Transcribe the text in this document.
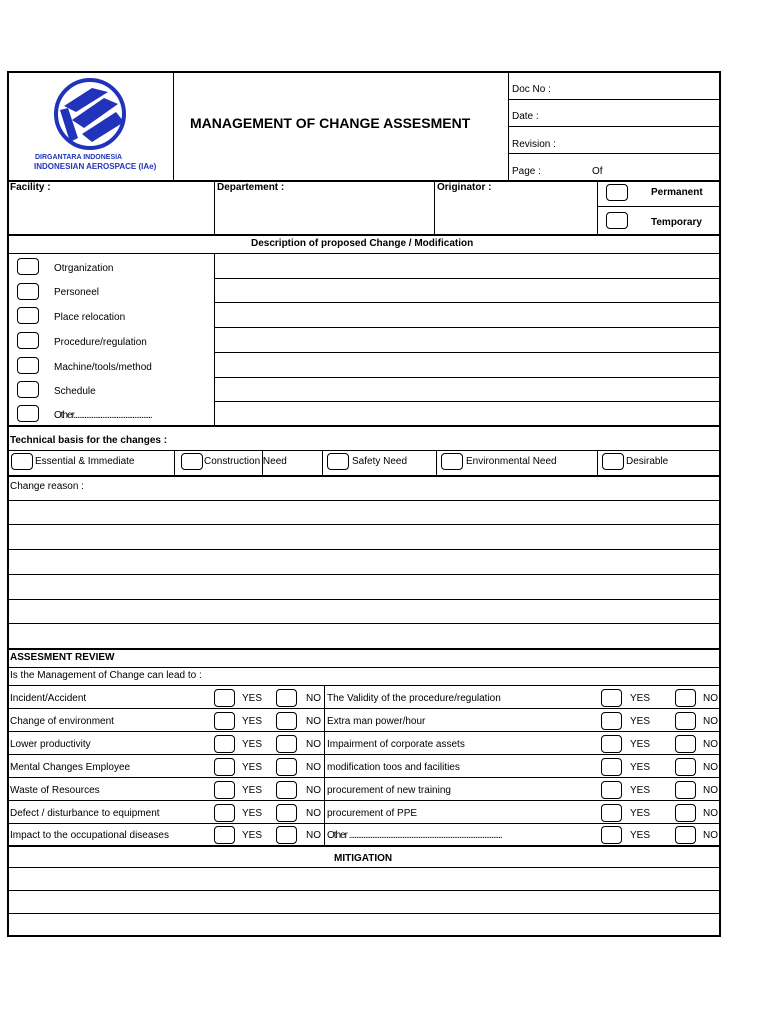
DIRGANTARA INDONESIA
INDONESIAN AEROSPACE (IAe)
MANAGEMENT OF CHANGE ASSESMENT
Doc No :
Date :
Revision :
Page :	Of
Facility :	Departement :	Originator :	Permanent
Temporary
Description of proposed Change / Modification
Otrganization
Personeel
Place relocation
Procedure/regulation
Machine/tools/method
Schedule
Other............................................
Technical basis for the changes :
Essential & Immediate	Construction Need	Safety Need	Environmental Need	Desirable
Change reason :
ASSESMENT REVIEW
Is the Management of Change can lead to :
Incident/Accident	YES	NO The Validity of the procedure/regulation	YES	NO
Change of environment	YES	NO Extra man power/hour	YES	NO
Lower productivity	YES	NO Impairment of corporate assets	YES	NO
Mental Changes Employee	YES	NO modification toos and facilities	YES	NO
Waste of Resources	YES	NO procurement of new training	YES	NO
Defect / disturbance to equipment	YES	NO procurement of PPE	YES	NO
Impact to the occupational diseases	YES	NO Other ......................................................................................	YES	NO
MITIGATION
